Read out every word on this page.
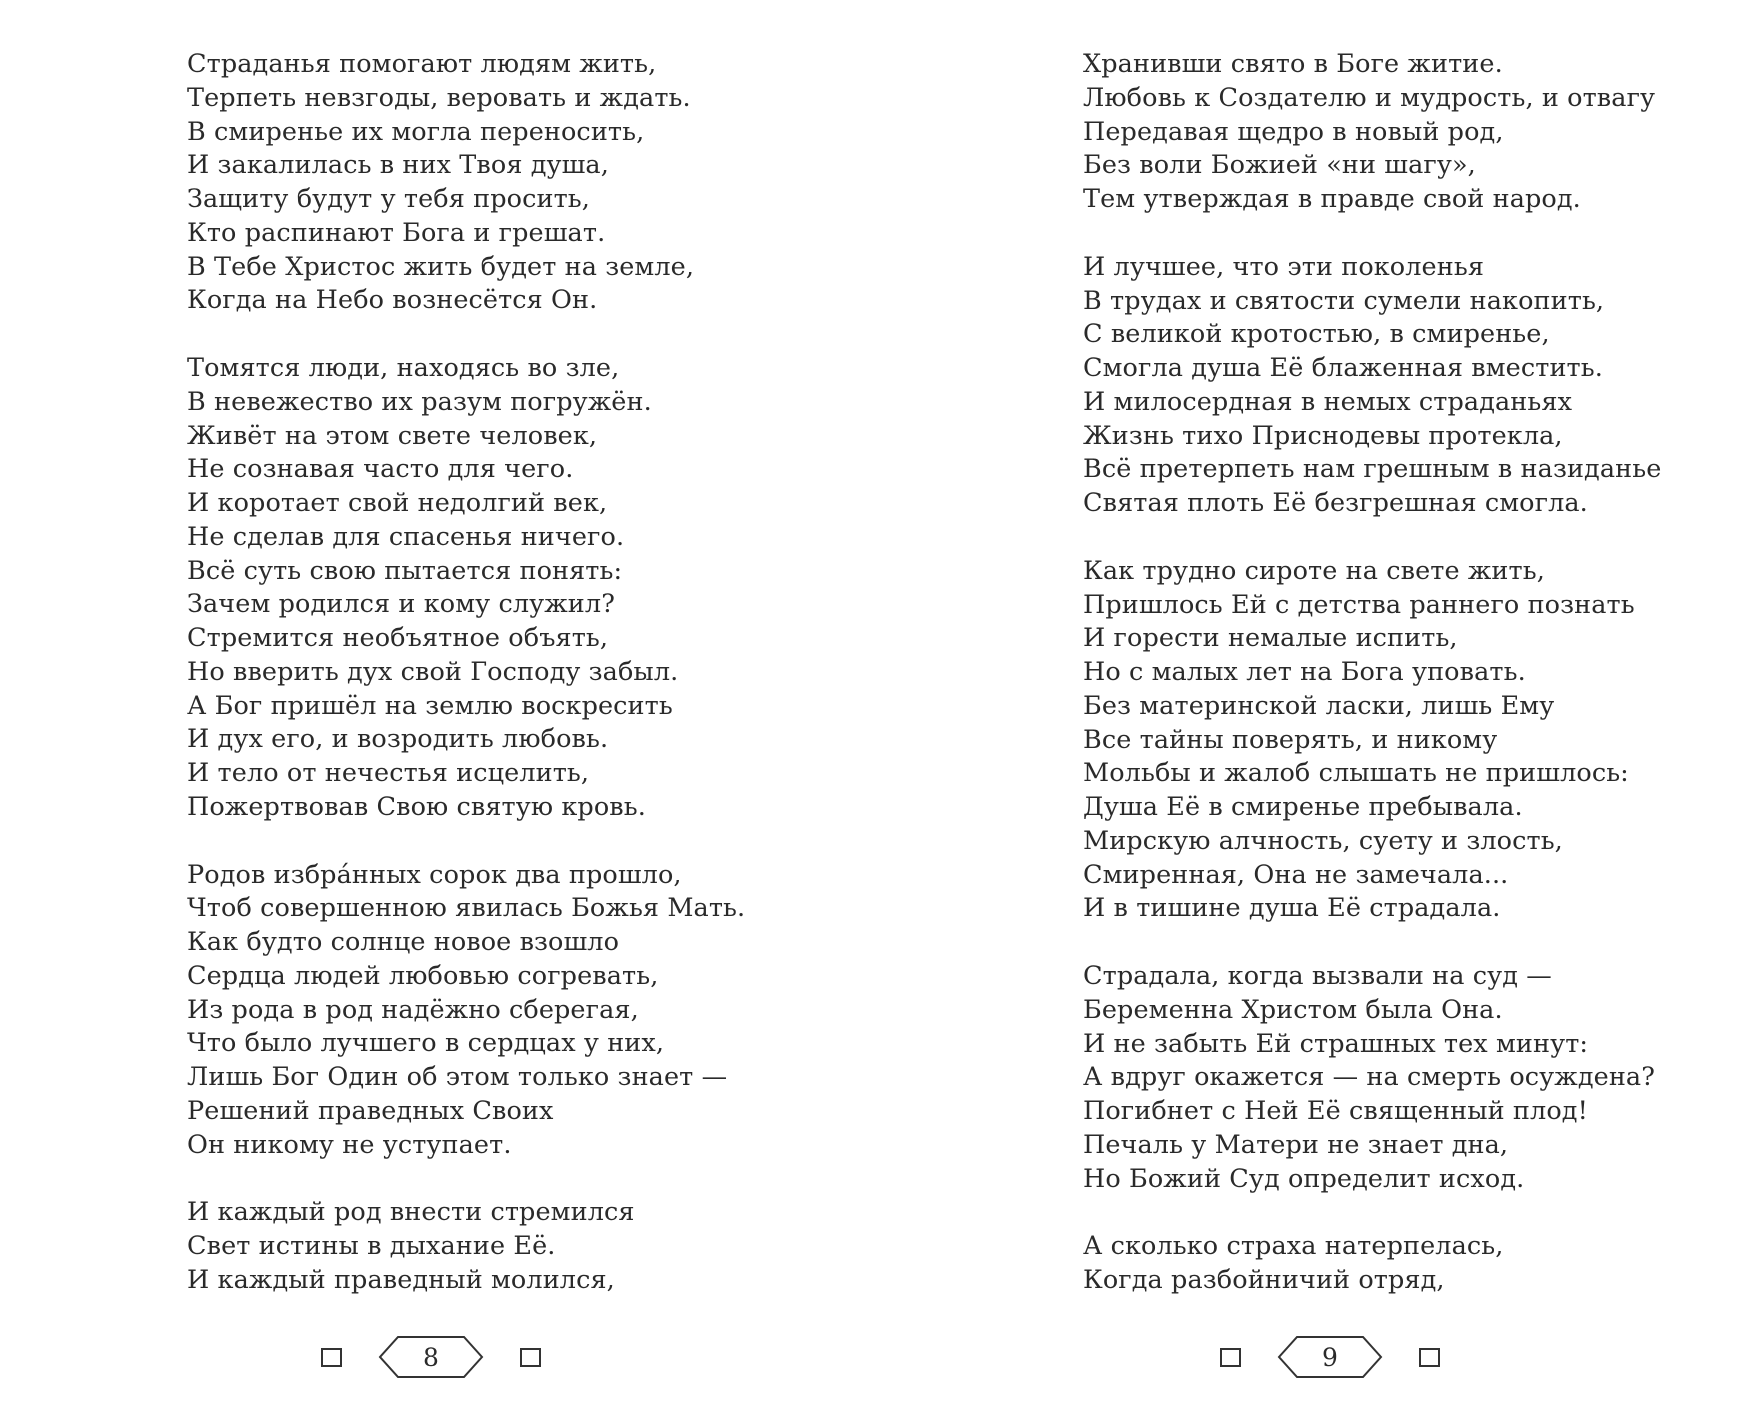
Страданья помогают людям жить,
Терпеть невзгоды, веровать и ждать.
В смиренье их могла переносить,
И закалилась в них Твоя душа,
Защиту будут у тебя просить,
Кто распинают Бога и грешат.
В Тебе Христос жить будет на земле,
Когда на Небо вознесётся Он.
Томятся люди, находясь во зле,
В невежество их разум погружён.
Живёт на этом свете человек,
Не сознавая часто для чего.
И коротает свой недолгий век,
Не сделав для спасенья ничего.
Всё суть свою пытается понять:
Зачем родился и кому служил?
Стремится необъятное объять,
Но вверить дух свой Господу забыл.
А Бог пришёл на землю воскресить
И дух его, и возродить любовь.
И тело от нечестья исцелить,
Пожертвовав Свою святую кровь.
Родов избра́нных сорок два прошло,
Чтоб совершенною явилась Божья Мать.
Как будто солнце новое взошло
Сердца людей любовью согревать,
Из рода в род надёжно сберегая,
Что было лучшего в сердцах у них,
Лишь Бог Один об этом только знает —
Решений праведных Своих
Он никому не уступает.
И каждый род внести стремился
Свет истины в дыхание Её.
И каждый праведный молился,
Хранивши свято в Боге житие.
Любовь к Создателю и мудрость, и отвагу
Передавая щедро в новый род,
Без воли Божией «ни шагу»,
Тем утверждая в правде свой народ.
И лучшее, что эти поколенья
В трудах и святости сумели накопить,
С великой кротостью, в смиренье,
Смогла душа Её блаженная вместить.
И милосердная в немых страданьях
Жизнь тихо Приснодевы протекла,
Всё претерпеть нам грешным в назиданье
Святая плоть Её безгрешная смогла.
Как трудно сироте на свете жить,
Пришлось Ей с детства раннего познать
И горести немалые испить,
Но с малых лет на Бога уповать.
Без материнской ласки, лишь Ему
Все тайны поверять, и никому
Мольбы и жалоб слышать не пришлось:
Душа Её в смиренье пребывала.
Мирскую алчность, суету и злость,
Смиренная, Она не замечала...
И в тишине душа Её страдала.
Страдала, когда вызвали на суд —
Беременна Христом была Она.
И не забыть Ей страшных тех минут:
А вдруг окажется — на смерть осуждена?
Погибнет с Ней Её священный плод!
Печаль у Матери не знает дна,
Но Божий Суд определит исход.
А сколько страха натерпелась,
Когда разбойничий отряд,
8	9
